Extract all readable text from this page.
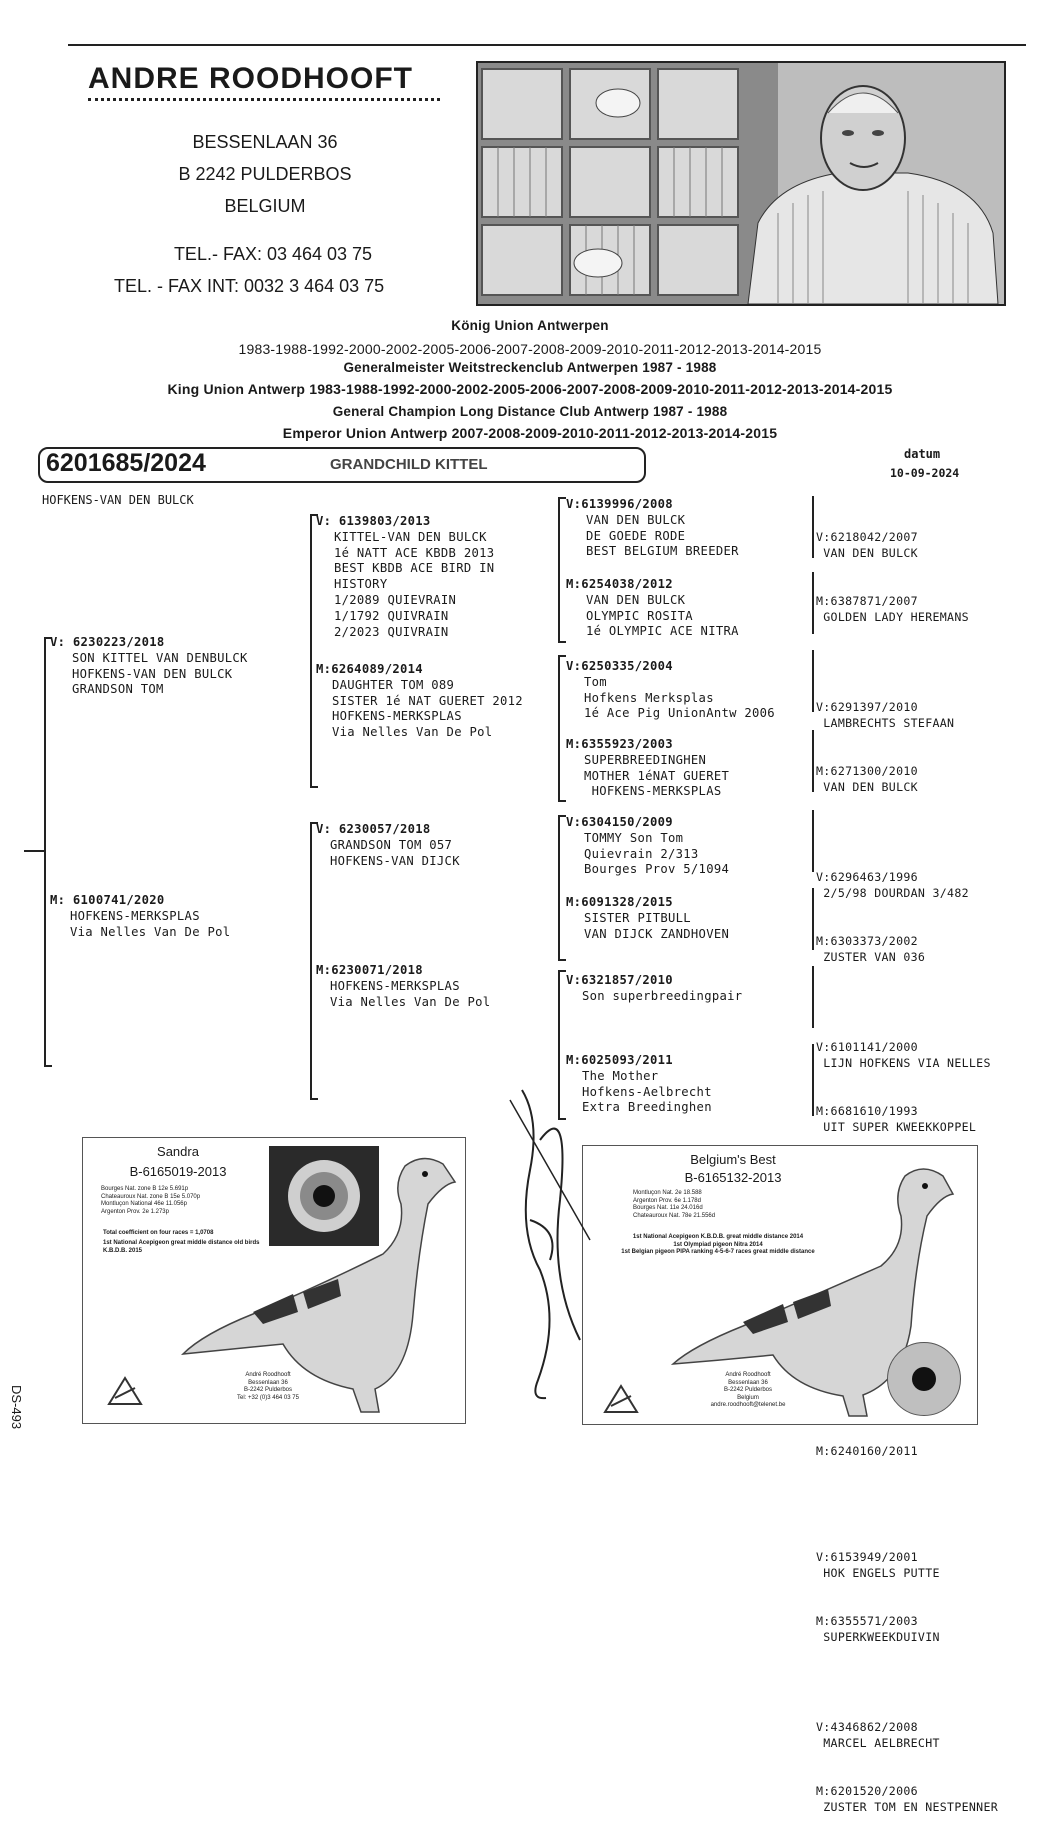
ANDRE ROODHOOFT
BESSENLAAN 36
B 2242 PULDERBOS
BELGIUM
TEL.- FAX: 03 464 03 75
TEL. - FAX INT: 0032 3 464 03 75
König Union Antwerpen
1983-1988-1992-2000-2002-2005-2006-2007-2008-2009-2010-2011-2012-2013-2014-2015
Generalmeister Weitstreckenclub Antwerpen 1987 - 1988
King Union Antwerp 1983-1988-1992-2000-2002-2005-2006-2007-2008-2009-2010-2011-2012-2013-2014-2015
General Champion Long Distance Club Antwerp 1987 - 1988
Emperor Union Antwerp 2007-2008-2009-2010-2011-2012-2013-2014-2015
6201685/2024	GRANDCHILD KITTEL
datum
10-09-2024
HOFKENS-VAN DEN BULCK
V: 6230223/2018
SON KITTEL VAN DENBULCK
HOFKENS-VAN DEN BULCK
GRANDSON TOM
M: 6100741/2020
HOFKENS-MERKSPLAS
Via Nelles Van De Pol
V: 6139803/2013
KITTEL-VAN DEN BULCK
1é NATT ACE KBDB 2013
BEST KBDB ACE BIRD IN
HISTORY
1/2089 QUIEVRAIN
1/1792 QUIVRAIN
2/2023 QUIVRAIN
M:6264089/2014
DAUGHTER TOM 089
SISTER 1é NAT GUERET 2012
HOFKENS-MERKSPLAS
Via Nelles Van De Pol
V: 6230057/2018
GRANDSON TOM 057
HOFKENS-VAN DIJCK
M:6230071/2018
HOFKENS-MERKSPLAS
Via Nelles Van De Pol
V:6139996/2008
VAN DEN BULCK
DE GOEDE RODE
BEST BELGIUM BREEDER
M:6254038/2012
VAN DEN BULCK
OLYMPIC ROSITA
1é OLYMPIC ACE NITRA
V:6250335/2004
Tom
Hofkens Merksplas
1é Ace Pig UnionAntw 2006
M:6355923/2003
SUPERBREEDINGHEN
MOTHER 1éNAT GUERET
HOFKENS-MERKSPLAS
V:6304150/2009
TOMMY Son Tom
Quievrain 2/313
Bourges Prov 5/1094
M:6091328/2015
SISTER PITBULL
VAN DIJCK ZANDHOVEN
V:6321857/2010
Son superbreedingpair
M:6025093/2011
The Mother
Hofkens-Aelbrecht
Extra Breedinghen

V:6218042/2007
VAN DEN BULCK

M:6387871/2007
GOLDEN LADY HEREMANS

V:6291397/2010
LAMBRECHTS STEFAAN

M:6271300/2010
VAN DEN BULCK

V:6296463/1996
2/5/98 DOURDAN 3/482

M:6303373/2002
ZUSTER VAN 036

V:6101141/2000
LIJN HOFKENS VIA NELLES

M:6681610/1993
UIT SUPER KWEEKKOPPEL

M:6240160/2011

V:6153949/2001
HOK ENGELS PUTTE

M:6355571/2003
SUPERKWEEKDUIVIN

V:4346862/2008
MARCEL AELBRECHT

M:6201520/2006
ZUSTER TOM EN NESTPENNER

Sandra
B-6165019-2013
Bourges Nat. zone B 12e 5.691p
Chateauroux Nat. zone B 15e 5.070p
Montluçon National 46e 11.056p
Argenton Prov. 2e 1.273p
Total coefficient on four races = 1,0708
1st National Acepigeon great middle distance old birds K.B.D.B. 2015
André Roodhooft
Bessenlaan 36
B-2242 Pulderbos
Tel: +32 (0)3 464 03 75
Belgium's Best
B-6165132-2013
Montluçon Nat. 2e 18.588
Argenton Prov. 6e 1.178d
Bourges Nat. 11e 24.016d
Chateauroux Nat. 78e 21.556d
1st National Acepigeon K.B.D.B. great middle distance 2014
1st Olympiad pigeon Nitra 2014
1st Belgian pigeon PIPA ranking 4-5-6-7 races great middle distance
André Roodhooft
Bessenlaan 36
B-2242 Pulderbos
Belgium
andre.roodhooft@telenet.be
DS-493
